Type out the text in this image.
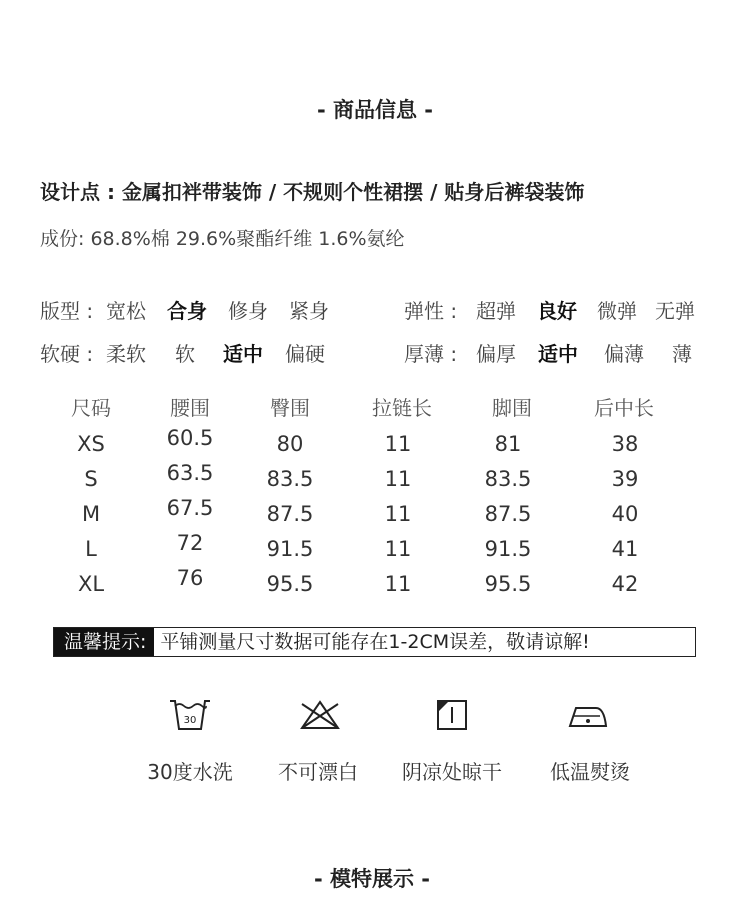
- 商品信息 -
设计点 : 金属扣袢带装饰 / 不规则个性裙摆 / 贴身后裤袋装饰
成份: 68.8%棉 29.6%聚酯纤维 1.6%氨纶
版型 : 宽松 合身 修身 紧身	弹性 : 超弹 良好 微弹 无弹
软硬 : 柔软 软 适中 偏硬	厚薄 : 偏厚 适中 偏薄 薄
尺码	腰围	臀围	拉链长	脚围	后中长
XS	60.5	80	11	81	38
S	63.5	83.5	11	83.5	39
M	67.5	87.5	11	87.5	40
L	72	91.5	11	91.5	41
XL	76	95.5	11	95.5	42
温馨提示: 平铺测量尺寸数据可能存在1-2CM误差，敬请谅解!
30
30度水洗 不可漂白 阴凉处晾干 低温熨烫
- 模特展示 -
